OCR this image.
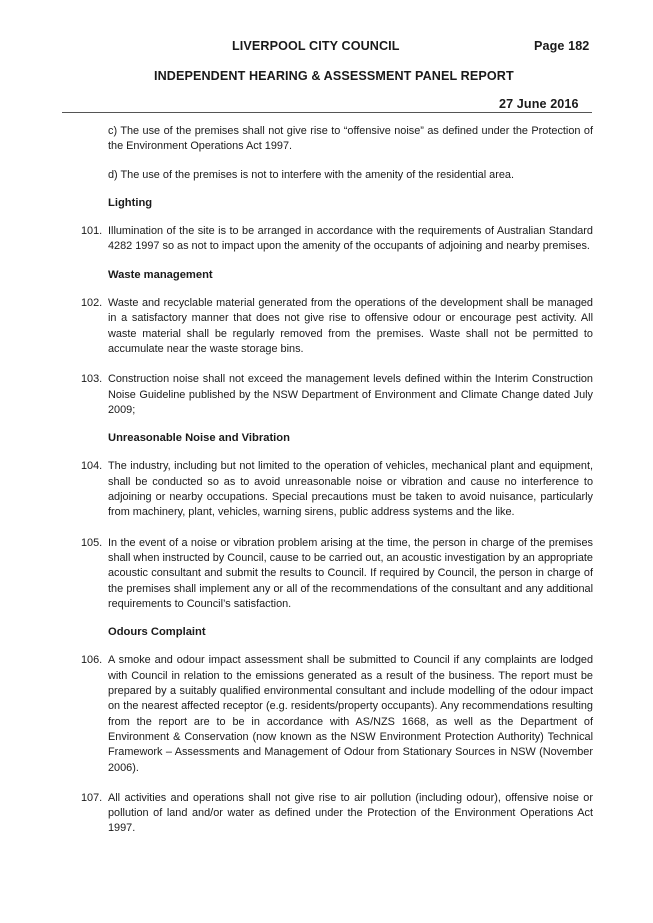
LIVERPOOL CITY COUNCIL	Page 182
INDEPENDENT HEARING & ASSESSMENT PANEL REPORT
27 June 2016

c) The use of the premises shall not give rise to “offensive noise” as defined under the Protection of the Environment Operations Act 1997.

d) The use of the premises is not to interfere with the amenity of the residential area.

Lighting
101. Illumination of the site is to be arranged in accordance with the requirements of Australian Standard 4282 1997 so as not to impact upon the amenity of the occupants of adjoining and nearby premises.
Waste management
102. Waste and recyclable material generated from the operations of the development shall be managed in a satisfactory manner that does not give rise to offensive odour or encourage pest activity. All waste material shall be regularly removed from the premises. Waste shall not be permitted to accumulate near the waste storage bins.
103. Construction noise shall not exceed the management levels defined within the Interim Construction Noise Guideline published by the NSW Department of Environment and Climate Change dated July 2009;
Unreasonable Noise and Vibration
104. The industry, including but not limited to the operation of vehicles, mechanical plant and equipment, shall be conducted so as to avoid unreasonable noise or vibration and cause no interference to adjoining or nearby occupations. Special precautions must be taken to avoid nuisance, particularly from machinery, plant, vehicles, warning sirens, public address systems and the like.
105. In the event of a noise or vibration problem arising at the time, the person in charge of the premises shall when instructed by Council, cause to be carried out, an acoustic investigation by an appropriate acoustic consultant and submit the results to Council. If required by Council, the person in charge of the premises shall implement any or all of the recommendations of the consultant and any additional requirements to Council’s satisfaction.
Odours Complaint
106. A smoke and odour impact assessment shall be submitted to Council if any complaints are lodged with Council in relation to the emissions generated as a result of the business. The report must be prepared by a suitably qualified environmental consultant and include modelling of the odour impact on the nearest affected receptor (e.g. residents/property occupants). Any recommendations resulting from the report are to be in accordance with AS/NZS 1668, as well as the Department of Environment & Conservation (now known as the NSW Environment Protection Authority) Technical Framework – Assessments and Management of Odour from Stationary Sources in NSW (November 2006).
107. All activities and operations shall not give rise to air pollution (including odour), offensive noise or pollution of land and/or water as defined under the Protection of the Environment Operations Act 1997.
